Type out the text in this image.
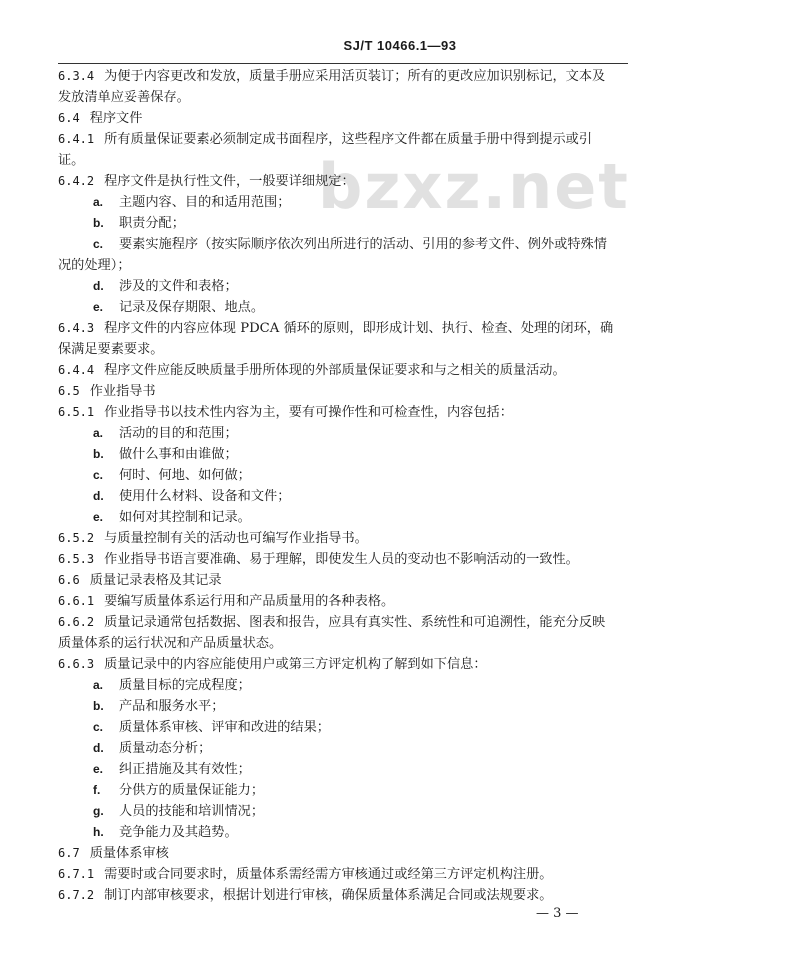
SJ/T 10466.1—93
bzxz.net
6.3.4 为便于内容更改和发放，质量手册应采用活页装订；所有的更改应加识别标记，文本及
发放清单应妥善保存。
6.4 程序文件
6.4.1 所有质量保证要素必须制定成书面程序，这些程序文件都在质量手册中得到提示或引
证。
6.4.2 程序文件是执行性文件，一般要详细规定：
a. 主题内容、目的和适用范围；
b. 职责分配；
c. 要素实施程序（按实际顺序依次列出所进行的活动、引用的参考文件、例外或特殊情
况的处理）；
d. 涉及的文件和表格；
e. 记录及保存期限、地点。
6.4.3 程序文件的内容应体现 PDCA 循环的原则，即形成计划、执行、检查、处理的闭环，确
保满足要素要求。
6.4.4 程序文件应能反映质量手册所体现的外部质量保证要求和与之相关的质量活动。
6.5 作业指导书
6.5.1 作业指导书以技术性内容为主，要有可操作性和可检查性，内容包括：
a. 活动的目的和范围；
b. 做什么事和由谁做；
c. 何时、何地、如何做；
d. 使用什么材料、设备和文件；
e. 如何对其控制和记录。
6.5.2 与质量控制有关的活动也可编写作业指导书。
6.5.3 作业指导书语言要准确、易于理解，即使发生人员的变动也不影响活动的一致性。
6.6 质量记录表格及其记录
6.6.1 要编写质量体系运行用和产品质量用的各种表格。
6.6.2 质量记录通常包括数据、图表和报告，应具有真实性、系统性和可追溯性，能充分反映
质量体系的运行状况和产品质量状态。
6.6.3 质量记录中的内容应能使用户或第三方评定机构了解到如下信息：
a. 质量目标的完成程度；
b. 产品和服务水平；
c. 质量体系审核、评审和改进的结果；
d. 质量动态分析；
e. 纠正措施及其有效性；
f. 分供方的质量保证能力；
g. 人员的技能和培训情况；
h. 竞争能力及其趋势。
6.7 质量体系审核
6.7.1 需要时或合同要求时，质量体系需经需方审核通过或经第三方评定机构注册。
6.7.2 制订内部审核要求，根据计划进行审核，确保质量体系满足合同或法规要求。
— 3 —
